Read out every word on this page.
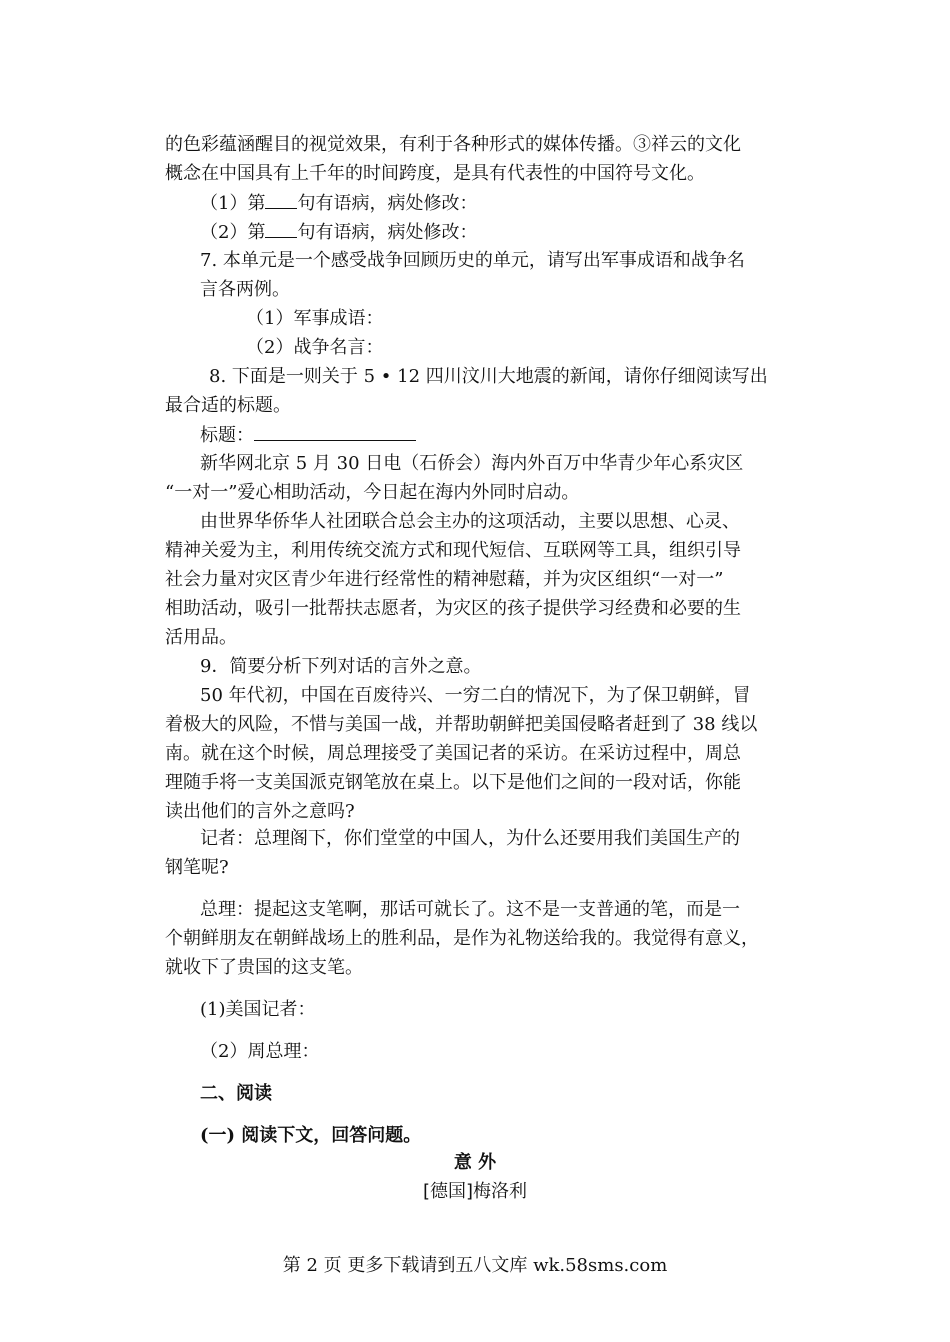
的色彩蕴涵醒目的视觉效果，有利于各种形式的媒体传播。③祥云的文化
概念在中国具有上千年的时间跨度，是具有代表性的中国符号文化。
（1）第 句有语病，病处修改：
（2）第 句有语病，病处修改：
7. 本单元是一个感受战争回顾历史的单元，请写出军事成语和战争名
言各两例。
（1）军事成语：
（2）战争名言：
8. 下面是一则关于 5 • 12 四川汶川大地震的新闻，请你仔细阅读写出
最合适的标题。
标题：
新华网北京 5 月 30 日电（石侨会）海内外百万中华青少年心系灾区
“一对一”爱心相助活动，今日起在海内外同时启动。
由世界华侨华人社团联合总会主办的这项活动，主要以思想、心灵、
精神关爱为主，利用传统交流方式和现代短信、互联网等工具，组织引导
社会力量对灾区青少年进行经常性的精神慰藉，并为灾区组织“一对一”
相助活动，吸引一批帮扶志愿者，为灾区的孩子提供学习经费和必要的生
活用品。
9．简要分析下列对话的言外之意。
50 年代初，中国在百废待兴、一穷二白的情况下，为了保卫朝鲜，冒
着极大的风险，不惜与美国一战，并帮助朝鲜把美国侵略者赶到了 38 线以
南。就在这个时候，周总理接受了美国记者的采访。在采访过程中，周总
理随手将一支美国派克钢笔放在桌上。以下是他们之间的一段对话，你能
读出他们的言外之意吗?
记者：总理阁下，你们堂堂的中国人，为什么还要用我们美国生产的
钢笔呢?
总理：提起这支笔啊，那话可就长了。这不是一支普通的笔，而是一
个朝鲜朋友在朝鲜战场上的胜利品，是作为礼物送给我的。我觉得有意义，
就收下了贵国的这支笔。
(1)美国记者：
（2）周总理：
二、阅读
(一) 阅读下文，回答问题。
意 外
[德国]梅洛利
第 2 页 更多下载请到五八文库 wk.58sms.com
